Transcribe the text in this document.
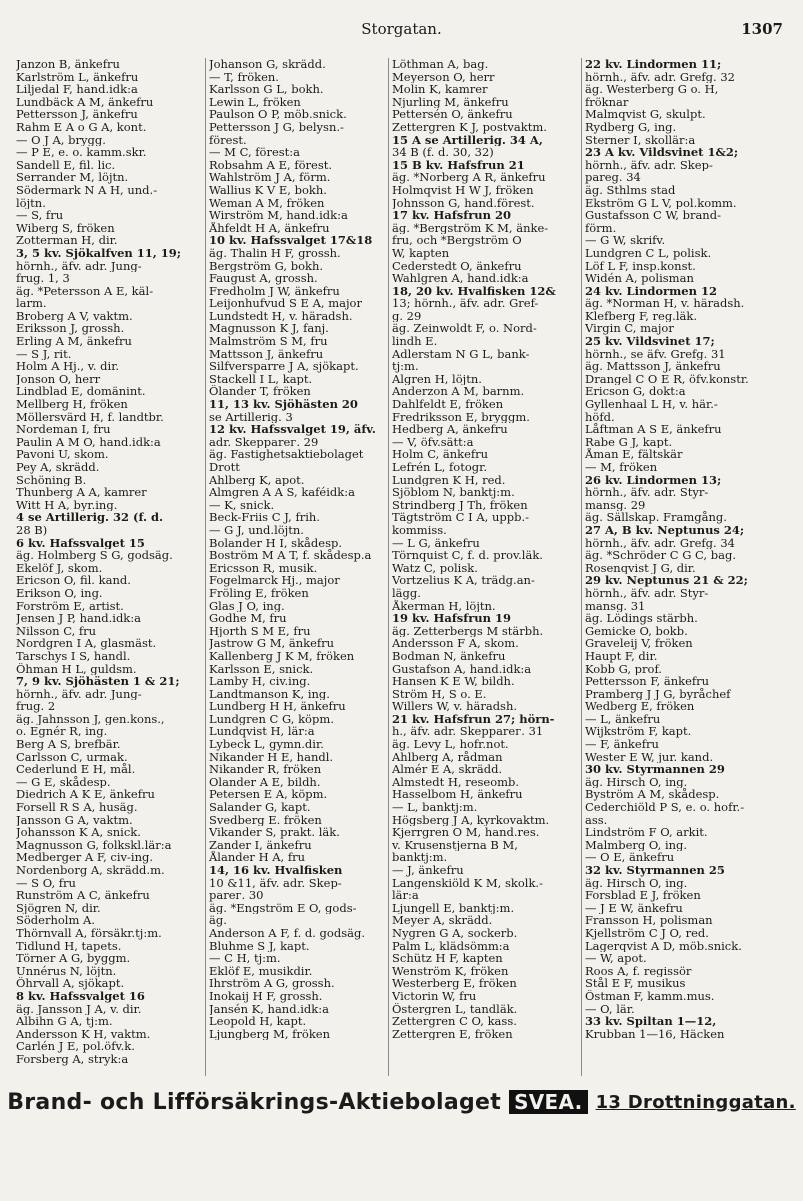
Storgatan.	1307
Janzon B, änkefru
Karlström L, änkefru
Liljedal F, hand.idk:a
Lundbäck A M, änkefru
Pettersson J, änkefru
Rahm E A o G A, kont.
— O J A, brygg.
— P E, e. o. kamm.skr.
Sandell E, fil. lic.
Serrander M, löjtn.
Södermark N A H, und.-
löjtn.
— S, fru
Wiberg S, fröken
Zotterman H, dir.
3, 5 kv. Sjökalfven 11, 19;
hörnh., äfv. adr. Jung-
frug. 1, 3
äg. *Petersson A E, käl-
larm.
Broberg A V, vaktm.
Eriksson J, grossh.
Erling A M, änkefru
— S J, rit.
Holm A Hj., v. dir.
Jonson O, herr
Lindblad E, domänint.
Mellberg H, fröken
Möllersvärd H, f. landtbr.
Nordeman I, fru
Paulin A M O, hand.idk:a
Pavoni U, skom.
Pey A, skrädd.
Schöning B.
Thunberg A A, kamrer
Witt H A, byr.ing.
4 se Artillerig. 32 (f. d.
28 B)
6 kv. Hafssvalget 15
äg. Holmberg S G, godsäg.
Ekelöf J, skom.
Ericson O, fil. kand.
Erikson O, ing.
Forström E, artist.
Jensen J P, hand.idk:a
Nilsson C, fru
Nordgren I A, glasmäst.
Tarschys I S, handl.
Öhman H L, guldsm.
7, 9 kv. Sjöhästen 1 & 21;
hörnh., äfv. adr. Jung-
frug. 2
äg. Jahnsson J, gen.kons.,
o. Egnér R, ing.
Berg A S, brefbär.
Carlsson C, urmak.
Cederlund E H, mål.
— G E, skådesp.
Diedrich A K E, änkefru
Forsell R S A, husäg.
Jansson G A, vaktm.
Johansson K A, snick.
Magnusson G, folkskl.lär:a
Medberger A F, civ-ing.
Nordenborg A, skrädd.m.
— S O, fru
Runström A C, änkefru
Sjögren N, dir.
Söderholm A.
Thörnvall A, försäkr.tj:m.
Tidlund H, tapets.
Törner A G, byggm.
Unnérus N, löjtn.
Öhrvall A, sjökapt.
8 kv. Hafssvalget 16
äg. Jansson J A, v. dir.
Albihn G A, tj:m.
Andersson K H, vaktm.
Carlén J E, pol.öfv.k.
Forsberg A, stryk:a
Johanson G, skrädd.
— T, fröken.
Karlsson G L, bokh.
Lewin L, fröken
Paulson O P, möb.snick.
Pettersson J G, belysn.-
förest.
— M C, förest:a
Robsahm A E, förest.
Wahlström J A, förm.
Wallius K V E, bokh.
Weman A M, fröken
Wirström M, hand.idk:a
Åhfeldt H A, änkefru
10 kv. Hafssvalget 17&18
äg. Thalin H F, grossh.
Bergström G, bokh.
Faugust A, grossh.
Fredholm J W, änkefru
Leijonhufvud S E A, major
Lundstedt H, v. häradsh.
Magnusson K J, fanj.
Malmström S M, fru
Mattsson J, änkefru
Silfversparre J A, sjökapt.
Stackell I L, kapt.
Ölander T, fröken
11, 13 kv. Sjöhästen 20
se Artillerig. 3
12 kv. Hafssvalget 19, äfv.
adr. Skepparег. 29
äg. Fastighetsaktiebolaget
Drott
Ahlberg K, apot.
Almgren A A S, kaféidk:a
— K, snick.
Beck-Friis C J, frih.
— G J, und.löjtn.
Bolander H I, skådesp.
Boström M A T, f. skådesp.a
Ericsson R, musik.
Fogelmarck Hj., major
Fröling E, fröken
Glas J O, ing.
Godhe M, fru
Hjorth S M E, fru
Jastrow G M, änkefru
Kallenberg J K M, fröken
Karlsson E, snick.
Lamby H, civ.ing.
Landtmanson K, ing.
Lundberg H H, änkefru
Lundgren C G, köpm.
Lundqvist H, lär:a
Lybeck L, gymn.dir.
Nikander H E, handl.
Nikander R, fröken
Olander A E, bildh.
Petersen E A, köpm.
Salander G, kapt.
Svedberg E. fröken
Vikander S, prakt. läk.
Zander I, änkefru
Ålander H A, fru
14, 16 kv. Hvalfisken
10 &11, äfv. adr. Skep-
parег. 30
äg. *Engström E O, gods-
äg.
Anderson A F, f. d. godsäg.
Bluhme S J, kapt.
— C H, tj:m.
Eklöf E, musikdir.
Ihrström A G, grossh.
Inokaij H F, grossh.
Jansén K, hand.idk:a
Leopold H, kapt.
Ljungberg M, fröken
Löthman A, bag.
Meyerson O, herr
Molin K, kamrer
Njurling M, änkefru
Pettersén O, änkefru
Zettergren K J, postvaktm.
15 A se Artillerig. 34 A,
34 B (f. d. 30, 32)
15 B kv. Hafsfrun 21
äg. *Norberg A R, änkefru
Holmqvist H W J, fröken
Johnsson G, hand.förest.
17 kv. Hafsfrun 20
äg. *Bergström K M, änke-
fru, och *Bergström O
W, kapten
Cederstedt O, änkefru
Wahlgren A, hand.idk:a
18, 20 kv. Hvalfisken 12&
13; hörnh., äfv. adr. Gref-
g. 29
äg. Zeinwoldt F, o. Nord-
lindh E.
Adlerstam N G L, bank-
tj:m.
Algren H, löjtn.
Anderzon A M, barnm.
Dahlfeldt E, fröken
Fredriksson E, bryggm.
Hedberg A, änkefru
— V, öfv.sätt:a
Holm C, änkefru
Lefrén L, fotogr.
Lundgren K H, red.
Sjöblom N, banktj:m.
Strindberg J Th, fröken
Tägtström C I A, uppb.-
kommiss.
— L G, änkefru
Törnquist C, f. d. prov.läk.
Watz C, polisk.
Vortzelius K A, trädg.an-
lägg.
Åkerman H, löjtn.
19 kv. Hafsfrun 19
äg. Zetterbergs M stärbh.
Andersson F A, skom.
Bodman N, änkefru
Gustafson A, hand.idk:a
Hansen K E W, bildh.
Ström H, S o. E.
Willers W, v. häradsh.
21 kv. Hafsfrun 27; hörn-
h., äfv. adr. Skepparег. 31
äg. Levy L, hofr.not.
Ahlberg A, rådman
Almér E A, skrädd.
Almstedt H, reseomb.
Hasselbom H, änkefru
— L, banktj:m.
Högsberg J A, kyrkovaktm.
Kjerrgren O M, hand.res.
v. Krusenstjerna B M,
banktj:m.
— J, änkefru
Langenskiöld K M, skolk.-
lär:a
Ljungell E, banktj:m.
Meyer A, skrädd.
Nygren G A, sockerb.
Palm L, klädsömm:a
Schütz H F, kapten
Wenström K, fröken
Westerberg E, fröken
Victorin W, fru
Östergren L, tandläk.
Zettergren C O, kass.
Zettergren E, fröken
22 kv. Lindormen 11;
hörnh., äfv. adr. Grefg. 32
äg. Westerberg G o. H,
fröknar
Malmqvist G, skulpt.
Rydberg G, ing.
Sterner I, skollär:a
23 A kv. Vildsvinet 1&2;
hörnh., äfv. adr. Skep-
pareg. 34
äg. Sthlms stad
Ekström G L V, pol.komm.
Gustafsson C W, brand-
förm.
— G W, skrifv.
Lundgren C L, polisk.
Löf L F, insp.konst.
Widén A, polisman
24 kv. Lindormen 12
äg. *Norman H, v. häradsh.
Klefberg F, reg.läk.
Virgin C, major
25 kv. Vildsvinet 17;
hörnh., se äfv. Grefg. 31
äg. Mattsson J, änkefru
Drangel C O E R, öfv.konstr.
Ericson G, dokt:a
Gyllenhaal L H, v. här.-
höfd.
Låftman A S E, änkefru
Rabe G J, kapt.
Åman E, fältskär
— M, fröken
26 kv. Lindormen 13;
hörnh., äfv. adr. Styr-
mansg. 29
äg. Sällskap. Framgång.
27 A, B kv. Neptunus 24;
hörnh., äfv. adr. Grefg. 34
äg. *Schröder C G C, bag.
Rosenqvist J G, dir.
29 kv. Neptunus 21 & 22;
hörnh., äfv. adr. Styr-
mansg. 31
äg. Lödings stärbh.
Gemicke O, bokb.
Graveleij V, fröken
Haupt F, dir.
Kobb G, prof.
Pettersson F, änkefru
Pramberg J J G, byråchef
Wedberg E, fröken
— L, änkefru
Wijkström F, kapt.
— F, änkefru
Wester E W, jur. kand.
30 kv. Styrmannen 29
äg. Hirsch O, ing.
Byström A M, skådesp.
Cederchiöld P S, e. o. hofr.-
ass.
Lindström F O, arkit.
Malmberg O, ing.
— O E, änkefru
32 kv. Styrmannen 25
äg. Hirsch O, ing.
Forsblad E J, fröken
— J E W, änkefru
Fransson H, polisman
Kjellström C J O, red.
Lagerqvist A D, möb.snick.
— W, apot.
Roos A, f. regissör
Stål E F, musikus
Östman F, kamm.mus.
— O, lär.
33 kv. Spiltan 1—12,
Krubban 1—16, Häcken
Brand- och Lifförsäkrings-Aktiebolaget SVEA. 13 Drottninggatan.
